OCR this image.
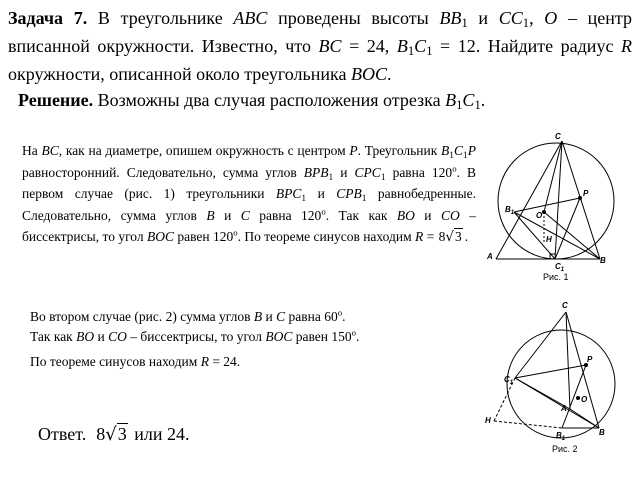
Задача 7. В треугольнике ABC проведены высоты $BB_1$ и $CC_1$, O – центр вписанной окружности. Известно, что BC = 24, $B_1C_1 = 12$. Найдите радиус R окружности, описанной около треугольника BOC.
Решение. Возможны два случая расположения отрезка $B_1C_1$.
На BC, как на диаметре, опишем окружность с центром P. Треугольник $B_1C_1P$ равносторонний. Следовательно, сумма углов $BPB_1$ и $CPC_1$ равна 120$^o$. В первом случае (рис. 1) треугольники $BPC_1$ и $CPB_1$ равнобедренные. Следовательно, сумма углов B и C равна 120$^o$. Так как BO и CO – биссектрисы, то угол BOC равен 120$^o$. По теореме синусов находим R = 8√3 .
Во втором случае (рис. 2) сумма углов B и C равна 60$^o$.
Так как BO и CO – биссектрисы, то угол BOC равен 150$^o$.
По теореме синусов находим R = 24.
Ответ. 8√3 или 24.
C
P
$B_1$	O
H
A	B
$C_1$
Рис. 1
C
P
$C_1$
O
A
H
$B_1$
B
Рис. 2
